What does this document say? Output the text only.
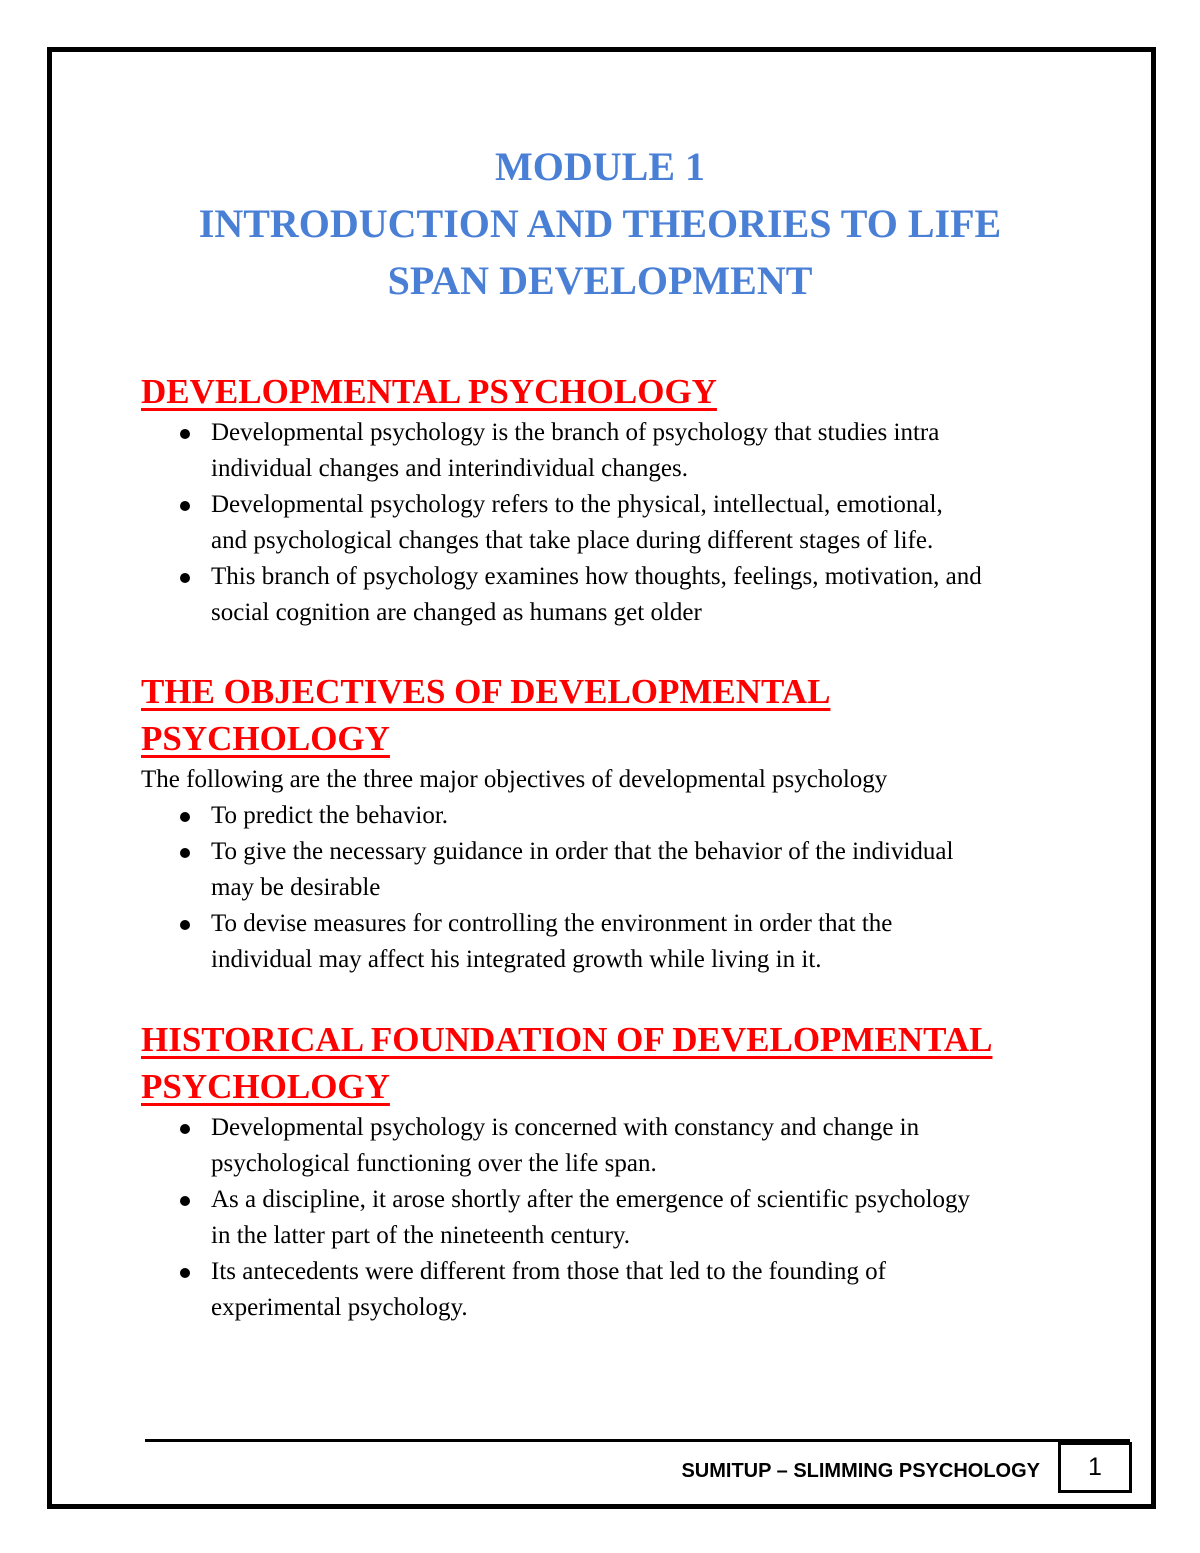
MODULE 1
INTRODUCTION AND THEORIES TO LIFE
SPAN DEVELOPMENT
DEVELOPMENTAL PSYCHOLOGY
Developmental psychology is the branch of psychology that studies intra
individual changes and interindividual changes.
Developmental psychology refers to the physical, intellectual, emotional,
and psychological changes that take place during different stages of life.
This branch of psychology examines how thoughts, feelings, motivation, and
social cognition are changed as humans get older
THE OBJECTIVES OF DEVELOPMENTAL
PSYCHOLOGY

The following are the three major objectives of developmental psychology

To predict the behavior.
To give the necessary guidance in order that the behavior of the individual
may be desirable
To devise measures for controlling the environment in order that the
individual may affect his integrated growth while living in it.
HISTORICAL FOUNDATION OF DEVELOPMENTAL
PSYCHOLOGY
Developmental psychology is concerned with constancy and change in
psychological functioning over the life span.
As a discipline, it arose shortly after the emergence of scientific psychology
in the latter part of the nineteenth century.
Its antecedents were different from those that led to the founding of
experimental psychology.
SUMITUP – SLIMMING PSYCHOLOGY 1
